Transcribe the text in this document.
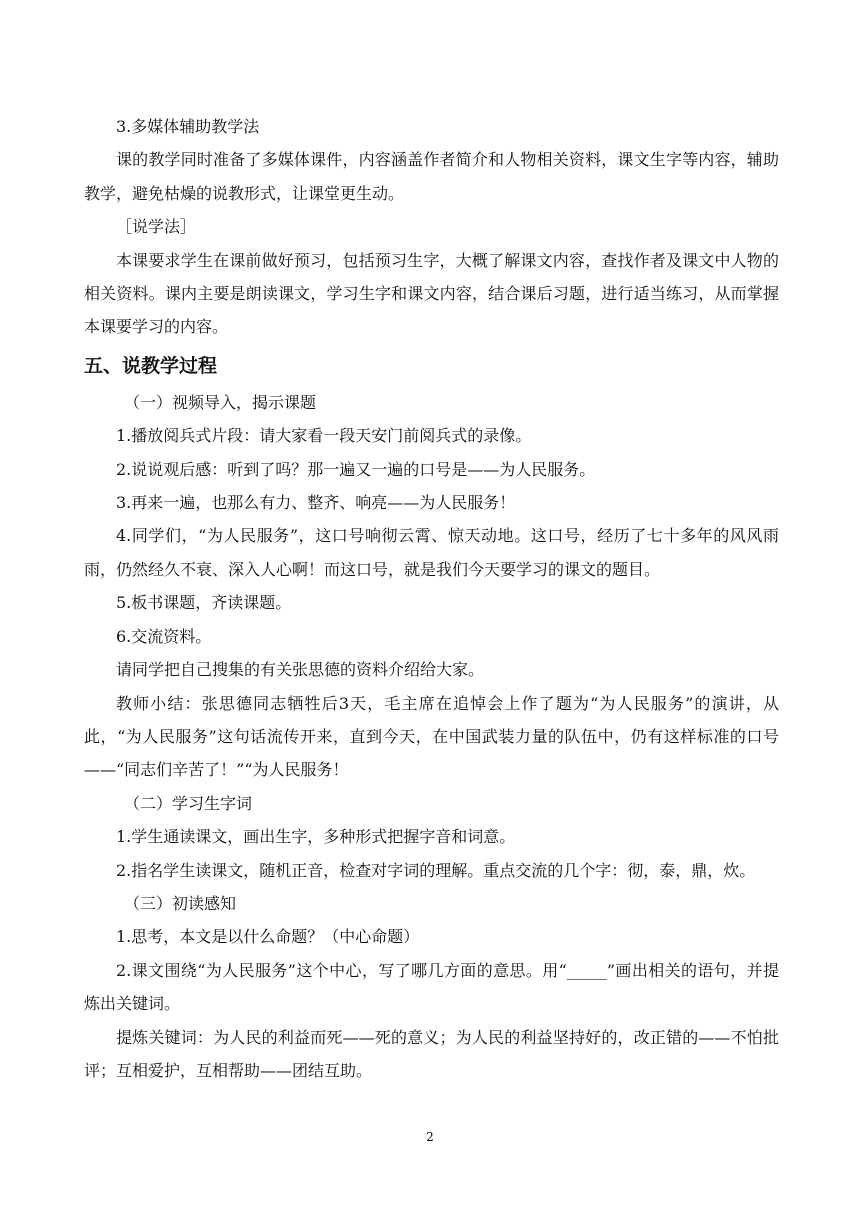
3.多媒体辅助教学法

课的教学同时准备了多媒体课件，内容涵盖作者简介和人物相关资料，课文生字等内容，辅助教学，避免枯燥的说教形式，让课堂更生动。

［说学法］

本课要求学生在课前做好预习，包括预习生字，大概了解课文内容，查找作者及课文中人物的相关资料。课内主要是朗读课文，学习生字和课文内容，结合课后习题，进行适当练习，从而掌握本课要学习的内容。

五、说教学过程

（一）视频导入，揭示课题

1.播放阅兵式片段：请大家看一段天安门前阅兵式的录像。

2.说说观后感：听到了吗？那一遍又一遍的口号是——为人民服务。

3.再来一遍，也那么有力、整齐、响亮——为人民服务！

4.同学们，“为人民服务”，这口号响彻云霄、惊天动地。这口号，经历了七十多年的风风雨雨，仍然经久不衰、深入人心啊！而这口号，就是我们今天要学习的课文的题目。

5.板书课题，齐读课题。

6.交流资料。

请同学把自己搜集的有关张思德的资料介绍给大家。

教师小结：张思德同志牺牲后3天，毛主席在追悼会上作了题为“为人民服务”的演讲，从此，“为人民服务”这句话流传开来，直到今天，在中国武装力量的队伍中，仍有这样标准的口号——“同志们辛苦了！”“为人民服务！

（二）学习生字词

1.学生通读课文，画出生字，多种形式把握字音和词意。

2.指名学生读课文，随机正音，检查对字词的理解。重点交流的几个字：彻，泰，鼎，炊。

（三）初读感知

1.思考，本文是以什么命题？（中心命题）

2.课文围绕“为人民服务”这个中心，写了哪几方面的意思。用“_____”画出相关的语句，并提炼出关键词。

提炼关键词：为人民的利益而死——死的意义；为人民的利益坚持好的，改正错的——不怕批评；互相爱护，互相帮助——团结互助。

2
